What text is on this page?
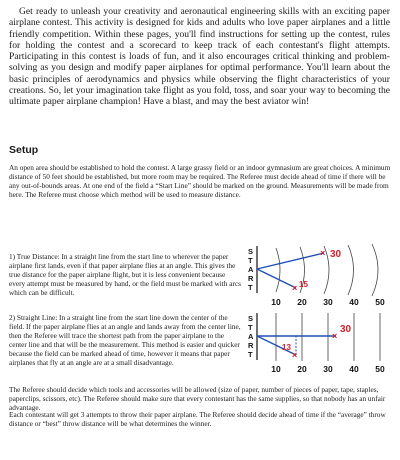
Get ready to unleash your creativity and aeronautical engineering skills with an exciting paper airplane contest. This activity is designed for kids and adults who love paper airplanes and a little friendly competition. Within these pages, you'll find instructions for setting up the contest, rules for holding the contest and a scorecard to keep track of each contestant's flight attempts. Participating in this contest is loads of fun, and it also encourages critical thinking and problem-solving as you design and modify paper airplanes for optimal performance. You'll learn about the basic principles of aerodynamics and physics while observing the flight characteristics of your creations. So, let your imagination take flight as you fold, toss, and soar your way to becoming the ultimate paper airplane champion! Have a blast, and may the best aviator win!

Setup

An open area should be established to hold the contest. A large grassy field or an indoor gymnasium are great choices. A minimum distance of 50 feet should be established, but more room may be required. The Referee must decide ahead of time if there will be any out-of-bounds areas. At one end of the field a “Start Line” should be marked on the ground. Measurements will be made from here. The Referee must choose which method will be used to measure distance.

1) True Distance: In a straight line from the start line to wherever the paper airplane first lands, even if that paper airplane flies at an angle. This gives the true distance for the paper airplane flight, but it is less convenient because every attempt must be measured by hand, or the field must be marked with arcs which can be difficult.

S
T
A
R
T
×
×
30
15
10 20 30 40 50

2) Straight Line: In a straight line from the start line down the center of the field. If the paper airplane flies at an angle and lands away from the center line, then the Referee will trace the shortest path from the paper airplane to the center line and that will be the measurement. This method is easier and quicker because the field can be marked ahead of time, however it means that paper airplanes that fly at an angle are at a small disadvantage.

S
T
A
R
T
×
×
30
13
10 20 30 40 50

The Referee should decide which tools and accessories will be allowed (size of paper, number of pieces of paper, tape, staples, paperclips, scissors, etc). The Referee should make sure that every contestant has the same supplies, so that nobody has an unfair advantage.

Each contestant will get 3 attempts to throw their paper airplane. The Referee should decide ahead of time if the “average” throw distance or “best” throw distance will be what determines the winner.
